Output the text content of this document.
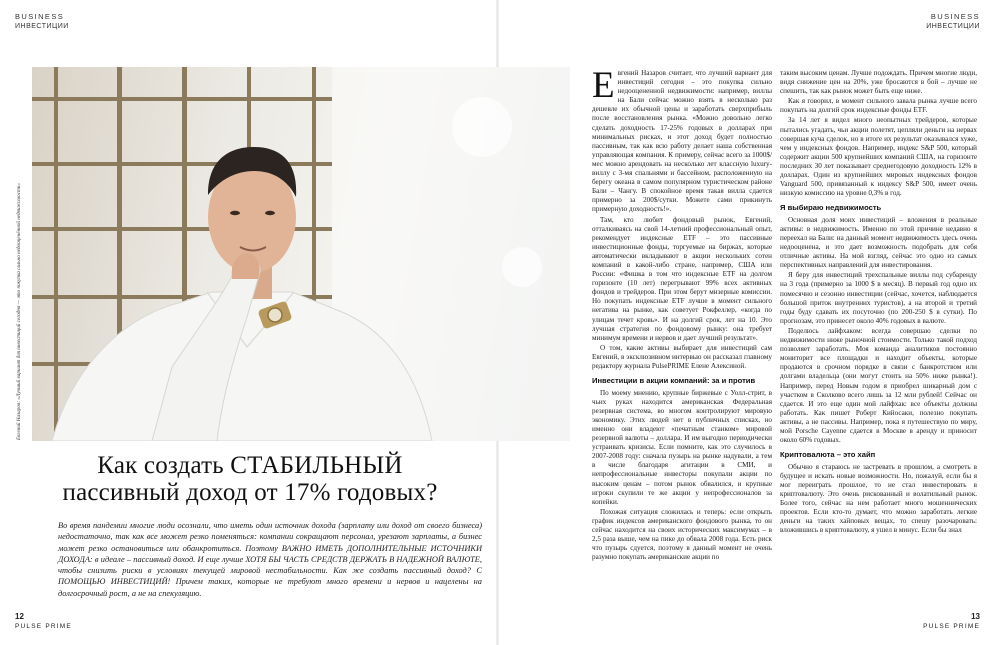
BUSINESS
ИНВЕСТИЦИИ
BUSINESS
ИНВЕСТИЦИИ
Евгений Назаров: «Лучший вариант для инвестиций сегодня — это покупка сильно недооценённой недвижимости»
Как создать СТАБИЛЬНЫЙ
пассивный доход от 17% годовых?

Во время пандемии многие люди осознали, что иметь один источник дохода (зарплату или доход от своего бизнеса) недостаточно, так как все может резко поменяться: компании сокращают персонал, урезают зарплаты, а бизнес может резко остановиться или обанкротиться. Поэтому ВАЖНО ИМЕТЬ ДОПОЛНИТЕЛЬНЫЕ ИСТОЧНИКИ ДОХОДА: в идеале – пассивный доход. И еще лучше ХОТЯ БЫ ЧАСТЬ СРЕДСТВ ДЕРЖАТЬ В НАДЕЖНОЙ ВАЛЮТЕ, чтобы снизить риски в условиях текущей мировой нестабильности. Как же создать пассивный доход? С ПОМОЩЬЮ ИНВЕСТИЦИЙ! Причем таких, которые не требуют много времени и нервов и нацелены на долгосрочный рост, а не на спекуляцию.

Евгений Назаров считает, что лучший вариант для инвестиций сегодня – это покупка сильно недооцененной недвижимости: например, виллы на Бали сейчас можно взять в несколько раз дешевле их обычной цены и заработать сверхприбыль после восстановления рынка. «Можно довольно легко сделать доходность 17-25% годовых в долларах при минимальных рисках, и этот доход будет полностью пассивным, так как всю работу делает наша собственная управляющая компания. К примеру, сейчас всего за 1000$/мес можно арендовать на несколько лет классную luxury-виллу с 3-мя спальнями и бассейном, расположенную на берегу океана в самом популярном туристическом районе Бали – Чангу. В спокойное время такая вилла сдается примерно за 200$/сутки. Можете сами прикинуть примерную доходность!».

Там, кто любит фондовый рынок, Евгений, отталкиваясь на свой 14-летний профессиональный опыт, рекомендует индексные ETF – это пассивные инвестиционные фонды, торгуемые на биржах, которые автоматически вкладывают в акции нескольких сотен компаний в какой-либо стране, например, США или России: «Фишка в том что индексные ETF на долгом горизонте (10 лет) перегрывают 99% всех активных фондов и трейдеров. При этом берут мизерные комиссии. Но покупать индексные ETF лучше в момент сильного негатива на рынке, как советует Рокфеллер, «когда по улицам течет кровь». И на долгий срок, лет на 10. Это лучшая стратегия по фондовому рынку: она требует минимум времени и нервов и дает лучший результат».

О том, какие активы выбирает для инвестиций сам Евгений, в эксклюзивном интервью он рассказал главному редактору журнала PulsePRIME Елене Алексиной.

Инвестиции в акции компаний: за и против

По моему мнению, крупные биржевые с Уолл-стрит, в чьих руках находится американская Федеральная резервная система, во многом контролируют мировую экономику. Этих людей нет в публичных списках, но именно они владеют «печатным станком» мировой резервной валюты – доллара. И им выгодно периодически устраивать кризисы. Если помните, как это случилось в 2007-2008 году: сначала пузырь на рынке надували, а тем в числе благодаря агитации в СМИ, и непрофессиональные инвесторы покупали акции по высоким ценам – потом рынок обвалился, и крупные игроки скупили те же акции у непрофессионалов за копейки.

Похожая ситуация сложилась и теперь: если открыть график индексов американского фондового рынка, то он сейчас находится на своих исторических максимумах – в 2,5 раза выше, чем на пике до обвала 2008 года. Есть риск что пузырь сдуется, поэтому в данный момент не очень разумно покупать американские акции по

таким высоким ценам. Лучше подождать. Причем многие люди, видя снижение цен на 20%, уже бросаются в бой – лучше не спешить, так как рынок может быть еще ниже.

Как я говорил, в момент сильного завала рынка лучше всего покупать на долгий срок индексные фонды ETF.

За 14 лет я видел много неопытных трейдеров, которые пытались угадать, чьи акции полетят, цепляли деньги на нервах совершая куча сделок, но в итоге их результат оказывался хуже, чем у индексных фондов. Например, индекс S&P 500, который содержит акции 500 крупнейших компаний США, на горизонте последних 30 лет показывает среднегодовую доходность 12% в долларах. Один из крупнейших мировых индексных фондов Vanguard 500, привязанный к индексу S&P 500, имеет очень низкую комиссию на уровне 0,3% в год.

Я выбираю недвижимость

Основная доля моих инвестиций – вложения в реальные активы: в недвижимость. Именно по этой причине недавно я переехал на Бали: на данный момент недвижимость здесь очень недооценена, и это дает возможность подобрать для себя отличные активы. На мой взгляд, сейчас это одно из самых перспективных направлений для инвестирования.

Я беру для инвестиций трехспальные виллы под субаренду на 3 года (примерно за 1000 $ в месяц). В первый год одно их помесячно и сезонно инвестиции (сейчас, хочется, наблюдается большой приток внутренних туристов), а на второй и третий годы буду сдавать их посуточно (по 200-250 $ в сутки). По прогнозам, это принесет около 40% годовых в валюте.

Поделюсь лайфхаком: всегда совершаю сделки по недвижимости ниже рыночной стоимости. Только такой подход позволяет заработать. Моя команда аналитиков постоянно мониторит все площадки и находит объекты, которые продаются в срочном порядке в связи с банкротством или долгами владельца (они могут стоить на 50% ниже рынка!). Например, перед Новым годом я приобрел шикарный дом с участком в Сколково всего лишь за 12 млн рублей! Сейчас он сдается. И это еще один мой лайфхак: все объекты должны работать. Как пишет Роберт Кийосаки, полезно покупать активы, а не пассивы. Например, пока я путешествую по миру, мой Porsche Cayenne сдается в Москве в аренду и приносит около 60% годовых.

Криптовалюта – это хайп

Обычно я стараюсь не застревать в прошлом, а смотреть в будущее и искать новые возможности. Но, пожалуй, если бы я мог переиграть прошлое, то не стал инвестировать в криптовалюту. Это очень рискованный и волатильный рынок. Более того, сейчас на нем работает много мошеннических проектов. Если кто-то думает, что можно заработать легкие деньги на таких хайповых вещах, то спешу разочаровать: вложившись в криптовалюту, я ушел в минус. Если бы знал

12
PULSE PRIME
13
PULSE PRIME
